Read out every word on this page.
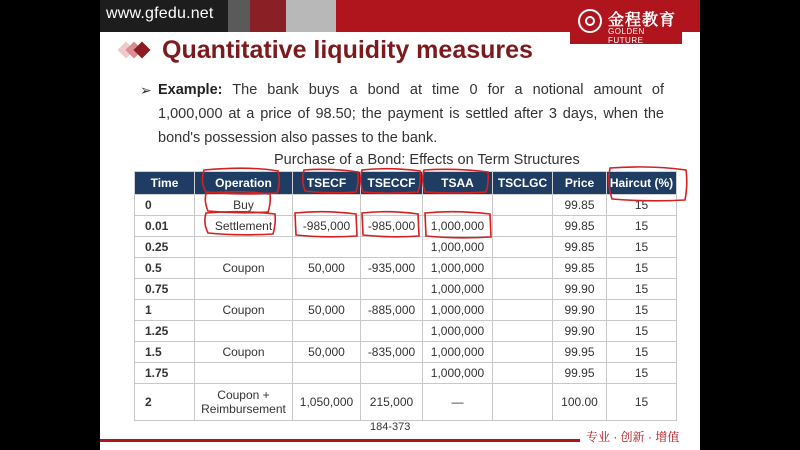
www.gfedu.net	金程教育
GOLDEN FUTURE
Quantitative liquidity measures
➢ Example: The bank buys a bond at time 0 for a notional amount of
1,000,000 at a price of 98.50; the payment is settled after 3 days, when the
bond's possession also passes to the bank.
Purchase of a Bond: Effects on Term Structures
Time	Operation	TSECF	TSECCF	TSAA	TSCLGC	Price	Haircut (%)
0	Buy					99.85	15
0.01	Settlement	-985,000	-985,000	1,000,000		99.85	15
0.25				1,000,000		99.85	15
0.5	Coupon	50,000	-935,000	1,000,000		99.85	15
0.75				1,000,000		99.90	15
1	Coupon	50,000	-885,000	1,000,000		99.90	15
1.25				1,000,000		99.90	15
1.5	Coupon	50,000	-835,000	1,000,000		99.95	15
1.75				1,000,000		99.95	15
2	Coupon +
Reimbursement	1,050,000	215,000	—		100.00	15
184-373
专业 · 创新 · 增值
